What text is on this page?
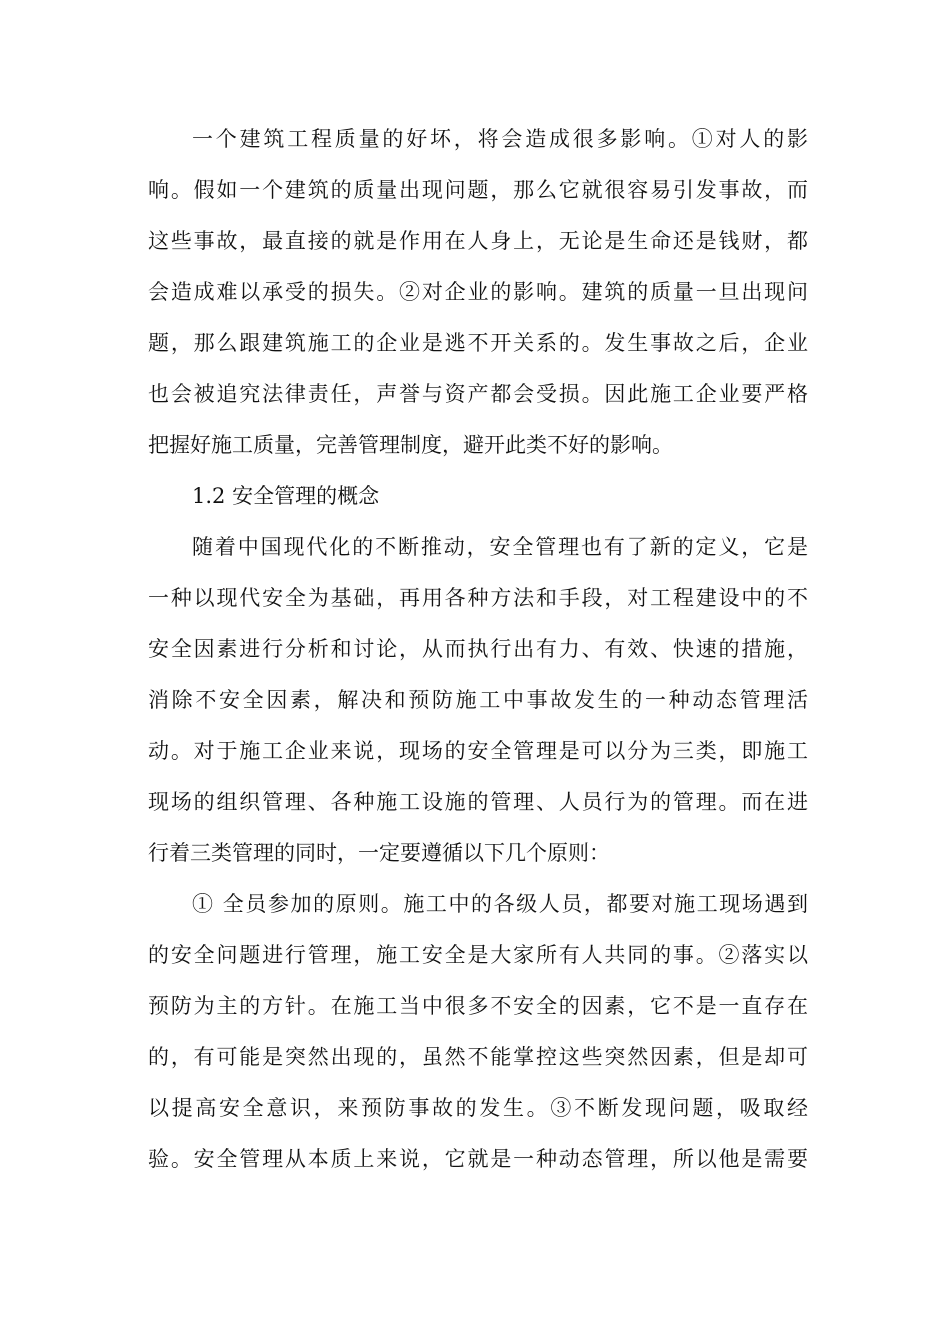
一个建筑工程质量的好坏，将会造成很多影响。①对人的影
响。假如一个建筑的质量出现问题，那么它就很容易引发事故，而
这些事故，最直接的就是作用在人身上，无论是生命还是钱财，都
会造成难以承受的损失。②对企业的影响。建筑的质量一旦出现问
题，那么跟建筑施工的企业是逃不开关系的。发生事故之后，企业
也会被追究法律责任，声誉与资产都会受损。因此施工企业要严格
把握好施工质量，完善管理制度，避开此类不好的影响。
1.2 安全管理的概念
随着中国现代化的不断推动，安全管理也有了新的定义，它是
一种以现代安全为基础，再用各种方法和手段，对工程建设中的不
安全因素进行分析和讨论，从而执行出有力、有效、快速的措施，
消除不安全因素，解决和预防施工中事故发生的一种动态管理活
动。对于施工企业来说，现场的安全管理是可以分为三类，即施工
现场的组织管理、各种施工设施的管理、人员行为的管理。而在进
行着三类管理的同时，一定要遵循以下几个原则：
① 全员参加的原则。施工中的各级人员，都要对施工现场遇到
的安全问题进行管理，施工安全是大家所有人共同的事。②落实以
预防为主的方针。在施工当中很多不安全的因素，它不是一直存在
的，有可能是突然出现的，虽然不能掌控这些突然因素，但是却可
以提高安全意识，来预防事故的发生。③不断发现问题，吸取经
验。安全管理从本质上来说，它就是一种动态管理，所以他是需要
